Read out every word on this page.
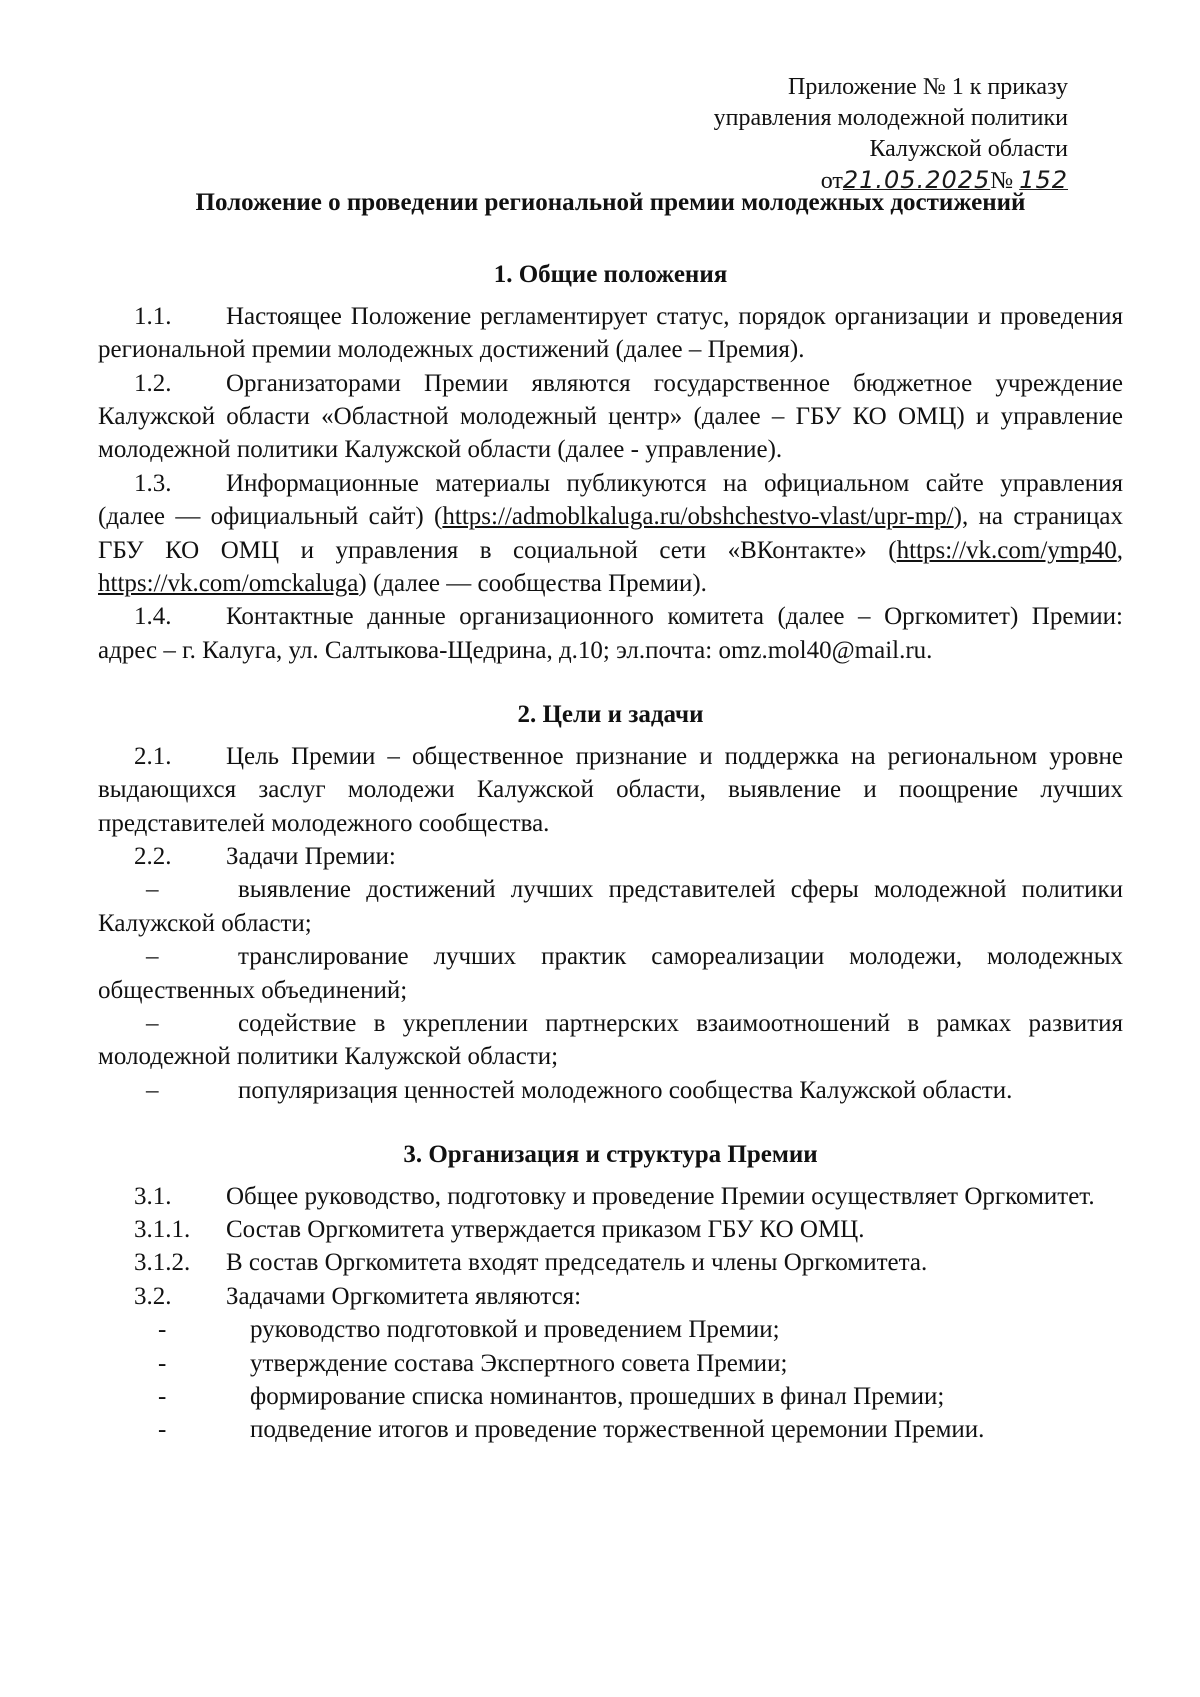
Приложение № 1 к приказу
управления молодежной политики
Калужской области
от21.05.2025№ 152
Положение о проведении региональной премии молодежных достижений
1. Общие положения

1.1. Настоящее Положение регламентирует статус, порядок организации и проведения региональной премии молодежных достижений (далее – Премия).

1.2. Организаторами Премии являются государственное бюджетное учреждение Калужской области «Областной молодежный центр» (далее – ГБУ КО ОМЦ) и управление молодежной политики Калужской области (далее - управление).

1.3. Информационные материалы публикуются на официальном сайте управления (далее — официальный сайт) (https://admoblkaluga.ru/obshchestvo-vlast/upr-mp/), на страницах ГБУ КО ОМЦ и управления в социальной сети «ВКонтакте» (https://vk.com/ymp40, https://vk.com/omckaluga) (далее — сообщества Премии).

1.4. Контактные данные организационного комитета (далее – Оргкомитет) Премии: адрес – г. Калуга, ул. Салтыкова-Щедрина, д.10; эл.почта: omz.mol40@mail.ru.

2. Цели и задачи

2.1. Цель Премии – общественное признание и поддержка на региональном уровне выдающихся заслуг молодежи Калужской области, выявление и поощрение лучших представителей молодежного сообщества.

2.2. Задачи Премии:

–	выявление достижений лучших представителей сферы молодежной политики Калужской области;

–	транслирование лучших практик самореализации молодежи, молодежных общественных объединений;

–	содействие в укреплении партнерских взаимоотношений в рамках развития молодежной политики Калужской области;

–	популяризация ценностей молодежного сообщества Калужской области.

3. Организация и структура Премии

3.1. Общее руководство, подготовку и проведение Премии осуществляет Оргкомитет.

3.1.1. Состав Оргкомитета утверждается приказом ГБУ КО ОМЦ.

3.1.2. В состав Оргкомитета входят председатель и члены Оргкомитета.

3.2. Задачами Оргкомитета являются:

-	руководство подготовкой и проведением Премии;

-	утверждение состава Экспертного совета Премии;

-	формирование списка номинантов, прошедших в финал Премии;

-	подведение итогов и проведение торжественной церемонии Премии.
